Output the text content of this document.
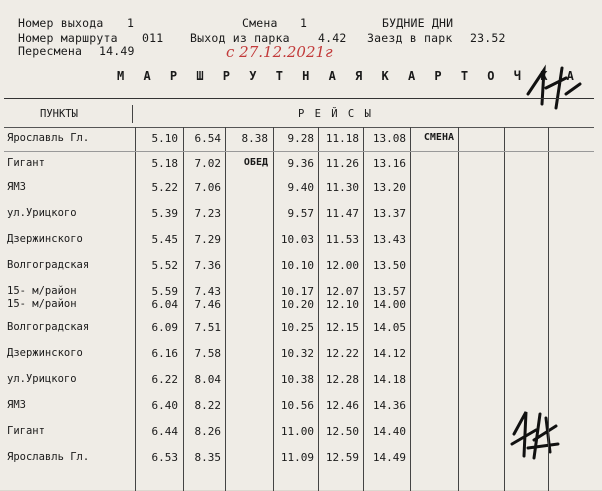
Номер выхода 1	Смена 1	БУДНИЕ ДНИ
Номер маршрута 011 Выход из парка 4.42 Заезд в парк 23.52
Пересмена 14.49	с 27.12.2021г
М А Р Ш Р У Т Н А Я К А Р Т О Ч К А
ПУНКТЫ	Р Е Й С Ы
Ярославль Гл.	5.10 6.54 8.38 9.28 11.18 13.08 СМЕНА
Гигант	5.18 7.02 ОБЕД 9.36 11.26 13.16
ЯМЗ	5.22 7.06	9.40 11.30 13.20
ул.Урицкого	5.39 7.23	9.57 11.47 13.37
Дзержинского	5.45 7.29	10.03 11.53 13.43
Волгоградская	5.52 7.36	10.10 12.00 13.50
15- м/район	5.59 7.43	10.17 12.07 13.57
15- м/район	6.04 7.46	10.20 12.10 14.00
Волгоградская	6.09 7.51	10.25 12.15 14.05
Дзержинского	6.16 7.58	10.32 12.22 14.12
ул.Урицкого	6.22 8.04	10.38 12.28 14.18
ЯМЗ	6.40 8.22	10.56 12.46 14.36
Гигант	6.44 8.26	11.00 12.50 14.40
Ярославль Гл.	6.53 8.35	11.09 12.59 14.49
